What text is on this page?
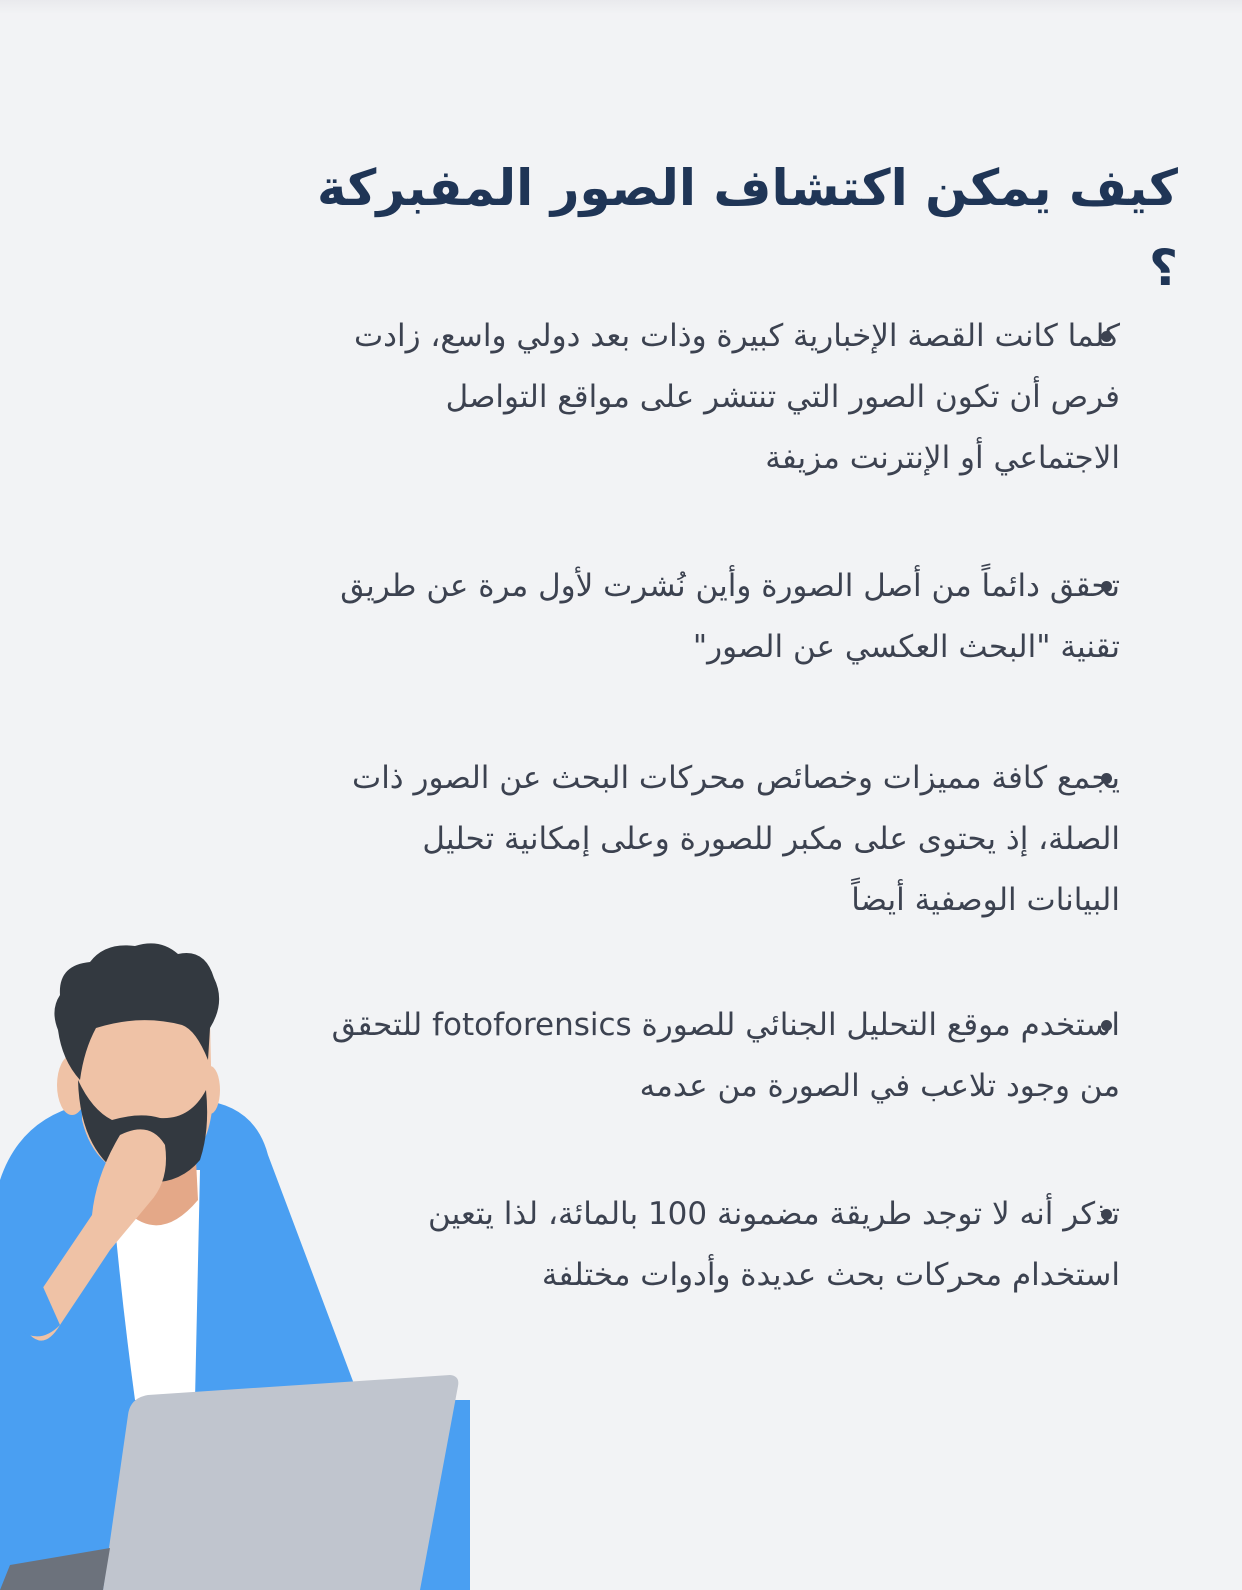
كيف يمكن اكتشاف الصور المفبركة ؟

كلما كانت القصة الإخبارية كبيرة وذات بعد دولي واسع، زادت فرص أن تكون الصور التي تنتشر على مواقع التواصل الاجتماعي أو الإنترنت مزيفة

تحقق دائماً من أصل الصورة وأين نُشرت لأول مرة عن طريق تقنية "البحث العكسي عن الصور"

يجمع كافة مميزات وخصائص محركات البحث عن الصور ذات الصلة، إذ يحتوى على مكبر للصورة وعلى إمكانية تحليل البيانات الوصفية أيضاً

استخدم موقع التحليل الجنائي للصورة fotoforensics للتحقق من وجود تلاعب في الصورة من عدمه

تذكر أنه لا توجد طريقة مضمونة 100 بالمائة، لذا يتعين استخدام محركات بحث عديدة وأدوات مختلفة
